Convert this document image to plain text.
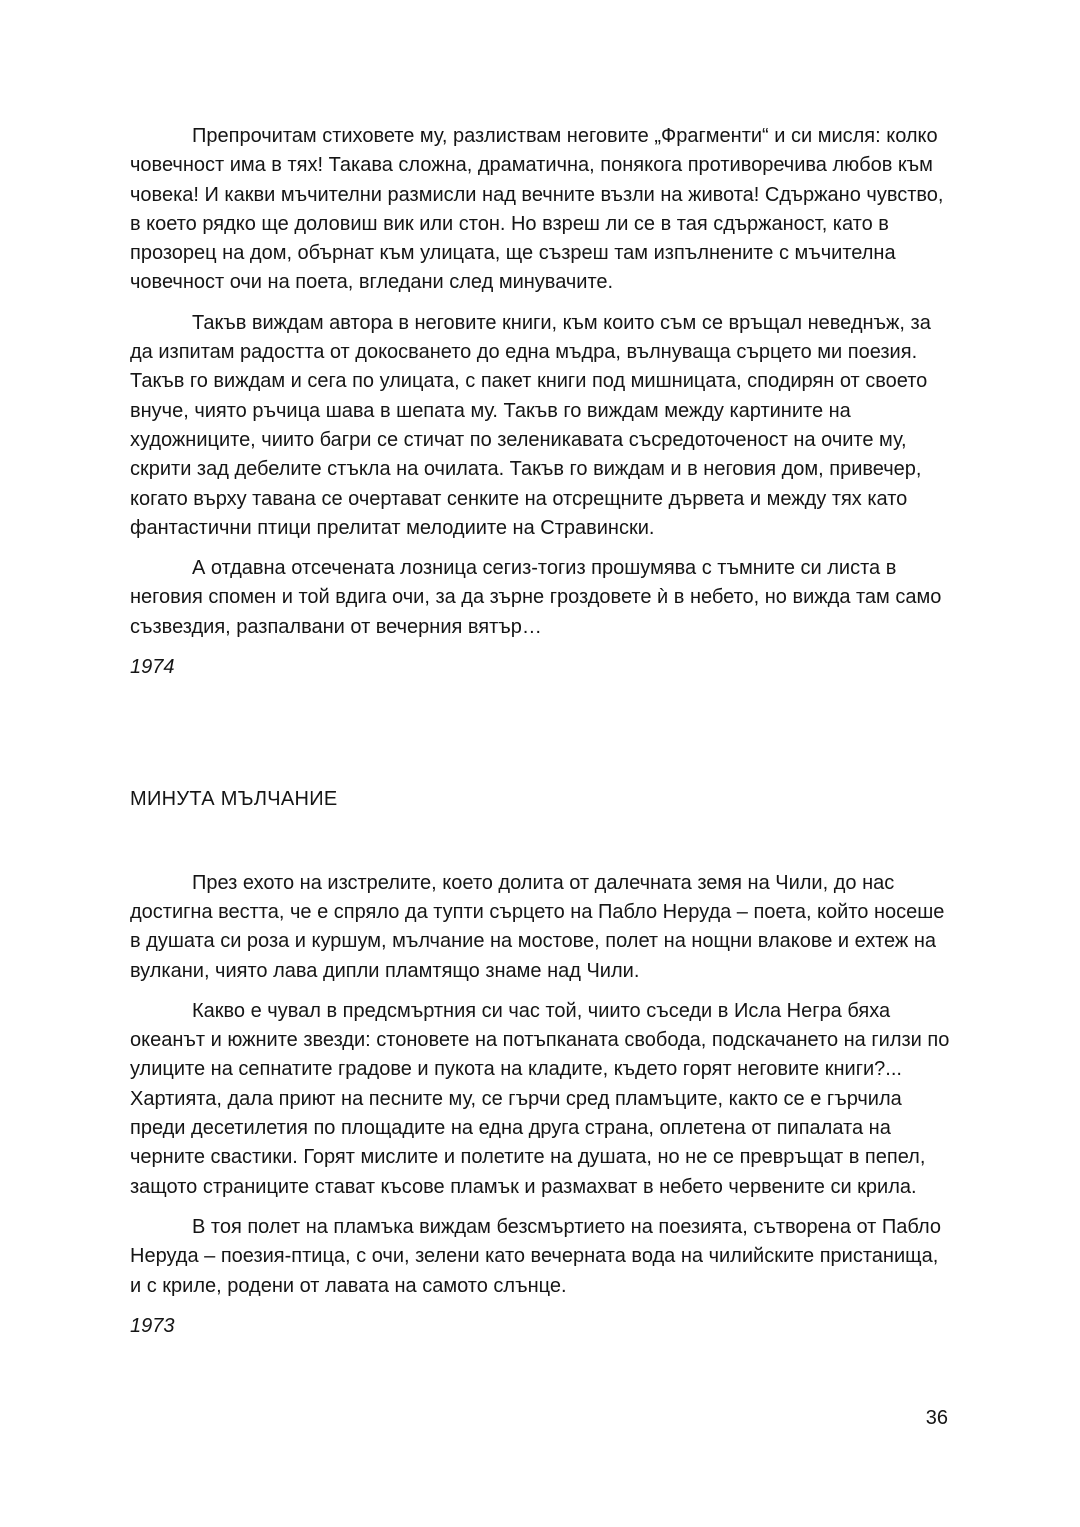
Препрочитам стиховете му, разлиствам неговите „Фрагменти“ и си мисля: колко човечност има в тях! Такава сложна, драматична, понякога противоречива любов към човека! И какви мъчителни размисли над вечните възли на живота! Сдържано чувство, в което рядко ще доловиш вик или стон. Но взреш ли се в тая сдържаност, като в прозорец на дом, обърнат към улицата, ще съзреш там изпълнените с мъчителна човечност очи на поета, вгледани след минувачите.

Такъв виждам автора в неговите книги, към които съм се връщал неведнъж, за да изпитам радостта от докосването до една мъдра, вълнуваща сърцето ми поезия. Такъв го виждам и сега по улицата, с пакет книги под мишницата, сподирян от своето внуче, чиято ръчица шава в шепата му. Такъв го виждам между картините на художниците, чиито багри се стичат по зеленикавата съсредоточеност на очите му, скрити зад дебелите стъкла на очилата. Такъв го виждам и в неговия дом, привечер, когато върху тавана се очертават сенките на отсрещните дървета и между тях като фантастични птици прелитат мелодиите на Стравински.

А отдавна отсечената лозница сегиз-тогиз прошумява с тъмните си листа в неговия спомен и той вдига очи, за да зърне гроздовете ѝ в небето, но вижда там само съзвездия, разпалвани от вечерния вятър…

1974

МИНУТА МЪЛЧАНИЕ

През ехото на изстрелите, което долита от далечната земя на Чили, до нас достигна вестта, че е спряло да тупти сърцето на Пабло Неруда – поета, който носеше в душата си роза и куршум, мълчание на мостове, полет на нощни влакове и ехтеж на вулкани, чиято лава дипли пламтящо знаме над Чили.

Какво е чувал в предсмъртния си час той, чиито съседи в Исла Негра бяха океанът и южните звезди: стоновете на потъпканата свобода, подскачането на гилзи по улиците на сепнатите градове и пукота на кладите, където горят неговите книги?... Хартията, дала приют на песните му, се гърчи сред пламъците, както се е гърчила преди десетилетия по площадите на една друга страна, оплетена от пипалата на черните свастики. Горят мислите и полетите на душата, но не се превръщат в пепел, защото страниците стават късове пламък и размахват в небето червените си крила.

В тоя полет на пламъка виждам безсмъртието на поезията, сътворена от Пабло Неруда – поезия-птица, с очи, зелени като вечерната вода на чилийските пристанища, и с криле, родени от лавата на самото слънце.

1973

36
